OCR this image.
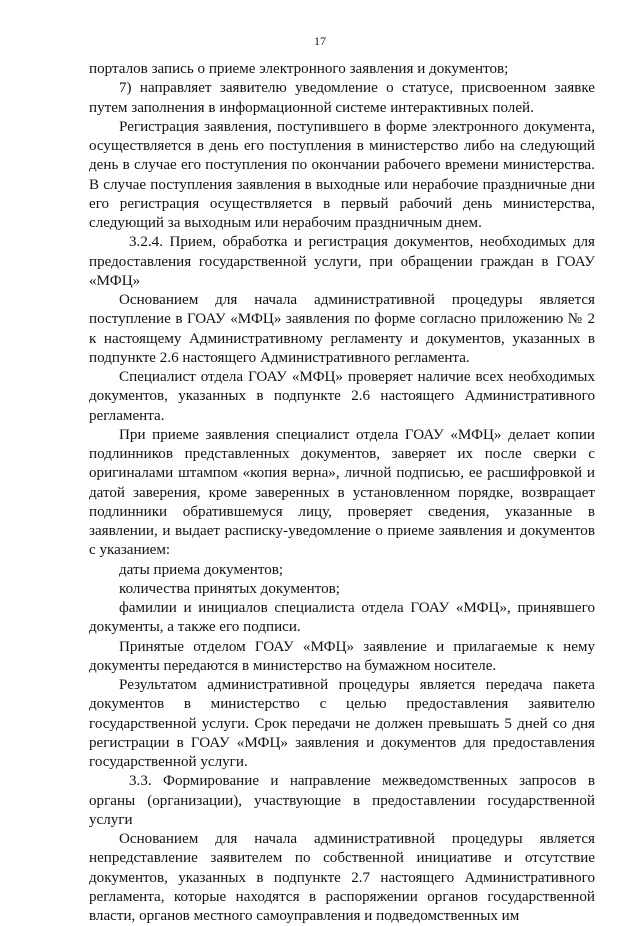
17

порталов запись о приеме электронного заявления и документов;

7) направляет заявителю уведомление о статусе, присвоенном заявке путем заполнения в информационной системе интерактивных полей.

Регистрация заявления, поступившего в форме электронного документа, осуществляется в день его поступления в министерство либо на следующий день в случае его поступления по окончании рабочего времени министерства. В случае поступления заявления в выходные или нерабочие праздничные дни его регистрация осуществляется в первый рабочий день министерства, следующий за выходным или нерабочим праздничным днем.

3.2.4. Прием, обработка и регистрация документов, необходимых для предоставления государственной услуги, при обращении граждан в ГОАУ «МФЦ»

Основанием для начала административной процедуры является поступление в ГОАУ «МФЦ» заявления по форме согласно приложению № 2 к настоящему Административному регламенту и документов, указанных в подпункте 2.6 настоящего Административного регламента.

Специалист отдела ГОАУ «МФЦ» проверяет наличие всех необходимых документов, указанных в подпункте 2.6 настоящего Административного регламента.

При приеме заявления специалист отдела ГОАУ «МФЦ» делает копии подлинников представленных документов, заверяет их после сверки с оригиналами штампом «копия верна», личной подписью, ее расшифровкой и датой заверения, кроме заверенных в установленном порядке, возвращает подлинники обратившемуся лицу, проверяет сведения, указанные в заявлении, и выдает расписку-уведомление о приеме заявления и документов с указанием:

даты приема документов;

количества принятых документов;

фамилии и инициалов специалиста отдела ГОАУ «МФЦ», принявшего документы, а также его подписи.

Принятые отделом ГОАУ «МФЦ» заявление и прилагаемые к нему документы передаются в министерство на бумажном носителе.

Результатом административной процедуры является передача пакета документов в министерство с целью предоставления заявителю государственной услуги. Срок передачи не должен превышать 5 дней со дня регистрации в ГОАУ «МФЦ» заявления и документов для предоставления государственной услуги.

3.3. Формирование и направление межведомственных запросов в органы (организации), участвующие в предоставлении государственной услуги

Основанием для начала административной процедуры является непредставление заявителем по собственной инициативе и отсутствие документов, указанных в подпункте 2.7 настоящего Административного регламента, которые находятся в распоряжении органов государственной власти, органов местного самоуправления и подведомственных им
